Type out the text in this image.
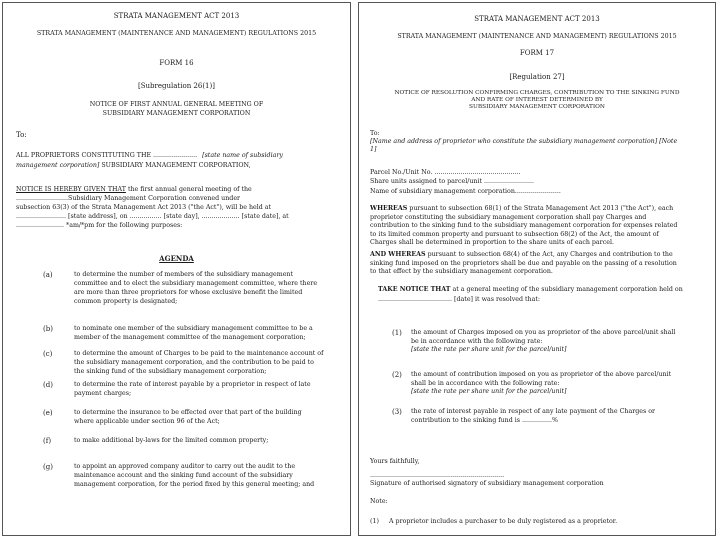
STRATA MANAGEMENT ACT 2013
STRATA MANAGEMENT (MAINTENANCE AND MANAGEMENT) REGULATIONS 2015
FORM 16
[Subregulation 26(1)]
NOTICE OF FIRST ANNUAL GENERAL MEETING OF
SUBSIDIARY MANAGEMENT CORPORATION
To:
ALL PROPRIETORS CONSTITUTING THE ...................... [state name of subsidiary
management corporation] SUBSIDIARY MANAGEMENT CORPORATION,
NOTICE IS HEREBY GIVEN THAT the first annual general meeting of the
..........................Subsidiary Management Corporation convened under
subsection 63(3) of the Strata Management Act 2013 ("the Act"), will be held at
......................... [state address], on ................ [state day], ................... [state date], at
........................ *am/*pm for the following purposes:
AGENDA
(a)	to determine the number of members of the subsidiary management
committee and to elect the subsidiary management committee, where there
are more than three proprietors for whose exclusive benefit the limited
common property is designated;
(b)	to nominate one member of the subsidiary management committee to be a
member of the management committee of the management corporation;
(c)	to determine the amount of Charges to be paid to the maintenance account of
the subsidiary management corporation, and the contribution to be paid to
the sinking fund of the subsidiary management corporation;
(d)	to determine the rate of interest payable by a proprietor in respect of late
payment charges;
(e)	to determine the insurance to be effected over that part of the building
where applicable under section 96 of the Act;
(f)	to make additional by-laws for the limited common property;
(g)	to appoint an approved company auditor to carry out the audit to the
maintenance account and the sinking fund account of the subsidiary
management corporation, for the period fixed by this general meeting; and
STRATA MANAGEMENT ACT 2013
STRATA MANAGEMENT (MAINTENANCE AND MANAGEMENT) REGULATIONS 2015
FORM 17
[Regulation 27]
NOTICE OF RESOLUTION CONFIRMING CHARGES, CONTRIBUTION TO THE SINKING FUND
AND RATE OF INTEREST DETERMINED BY
SUBSIDIARY MANAGEMENT CORPORATION
To:
[Name and address of proprietor who constitute the subsidiary management corporation] [Note
1]
Parcel No./Unit No. ...........................................
Share units assigned to parcel/unit .........................
Name of subsidiary management corporation.......................
WHEREAS pursuant to subsection 68(1) of the Strata Management Act 2013 ("the Act"), each
proprietor constituting the subsidiary management corporation shall pay Charges and
contribution to the sinking fund to the subsidiary management corporation for expenses related
to its limited common property and pursuant to subsection 68(2) of the Act, the amount of
Charges shall be determined in proportion to the share units of each parcel.
AND WHEREAS pursuant to subsection 68(4) of the Act, any Charges and contribution to the
sinking fund imposed on the proprietors shall be due and payable on the passing of a resolution
to that effect by the subsidiary management corporation.
TAKE NOTICE THAT at a general meeting of the subsidiary management corporation held on
..................................... [date] it was resolved that:
(1) the amount of Charges imposed on you as proprietor of the above parcel/unit shall
be in accordance with the following rate:
[state the rate per share unit for the parcel/unit]
(2) the amount of contribution imposed on you as proprietor of the above parcel/unit
shall be in accordance with the following rate:
[state the rate per share unit for the parcel/unit]
(3) the rate of interest payable in respect of any late payment of the Charges or
contribution to the sinking fund is ...............%
Yours faithfully,
...................................................................
Signature of authorised signatory of subsidiary management corporation
Note:
(1) A proprietor includes a purchaser to be duly registered as a proprietor.
